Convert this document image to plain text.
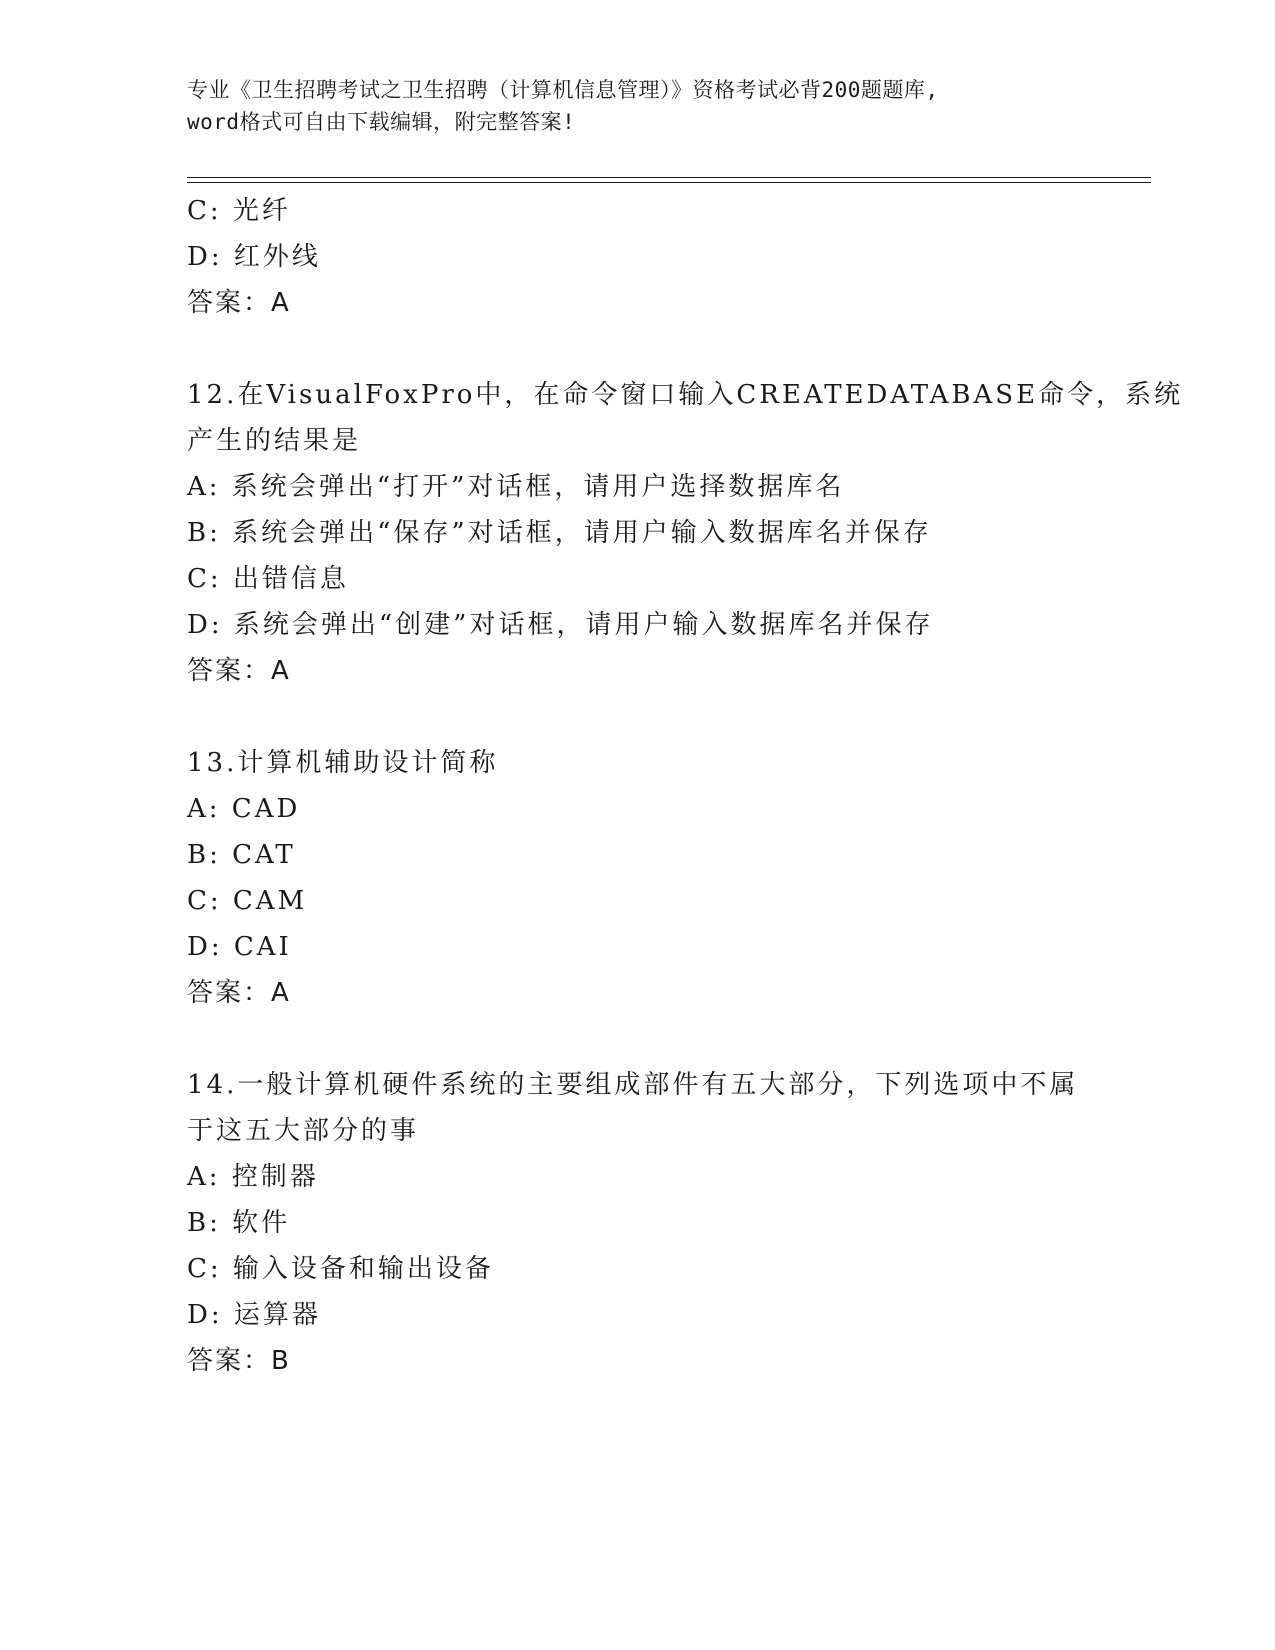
专业《卫生招聘考试之卫生招聘（计算机信息管理）》资格考试必背200题题库,

word格式可自由下载编辑，附完整答案!

C: 光纤

D: 红外线

答案：A

12.在VisualFoxPro中，在命令窗口输入CREATEDATABASE命令，系统

产生的结果是

A: 系统会弹出“打开”对话框，请用户选择数据库名

B: 系统会弹出“保存”对话框，请用户输入数据库名并保存

C: 出错信息

D: 系统会弹出“创建”对话框，请用户输入数据库名并保存

答案：A

13.计算机辅助设计简称

A: CAD

B: CAT

C: CAM

D: CAI

答案：A

14.一般计算机硬件系统的主要组成部件有五大部分，下列选项中不属

于这五大部分的事

A: 控制器

B: 软件

C: 输入设备和输出设备

D: 运算器

答案：B
